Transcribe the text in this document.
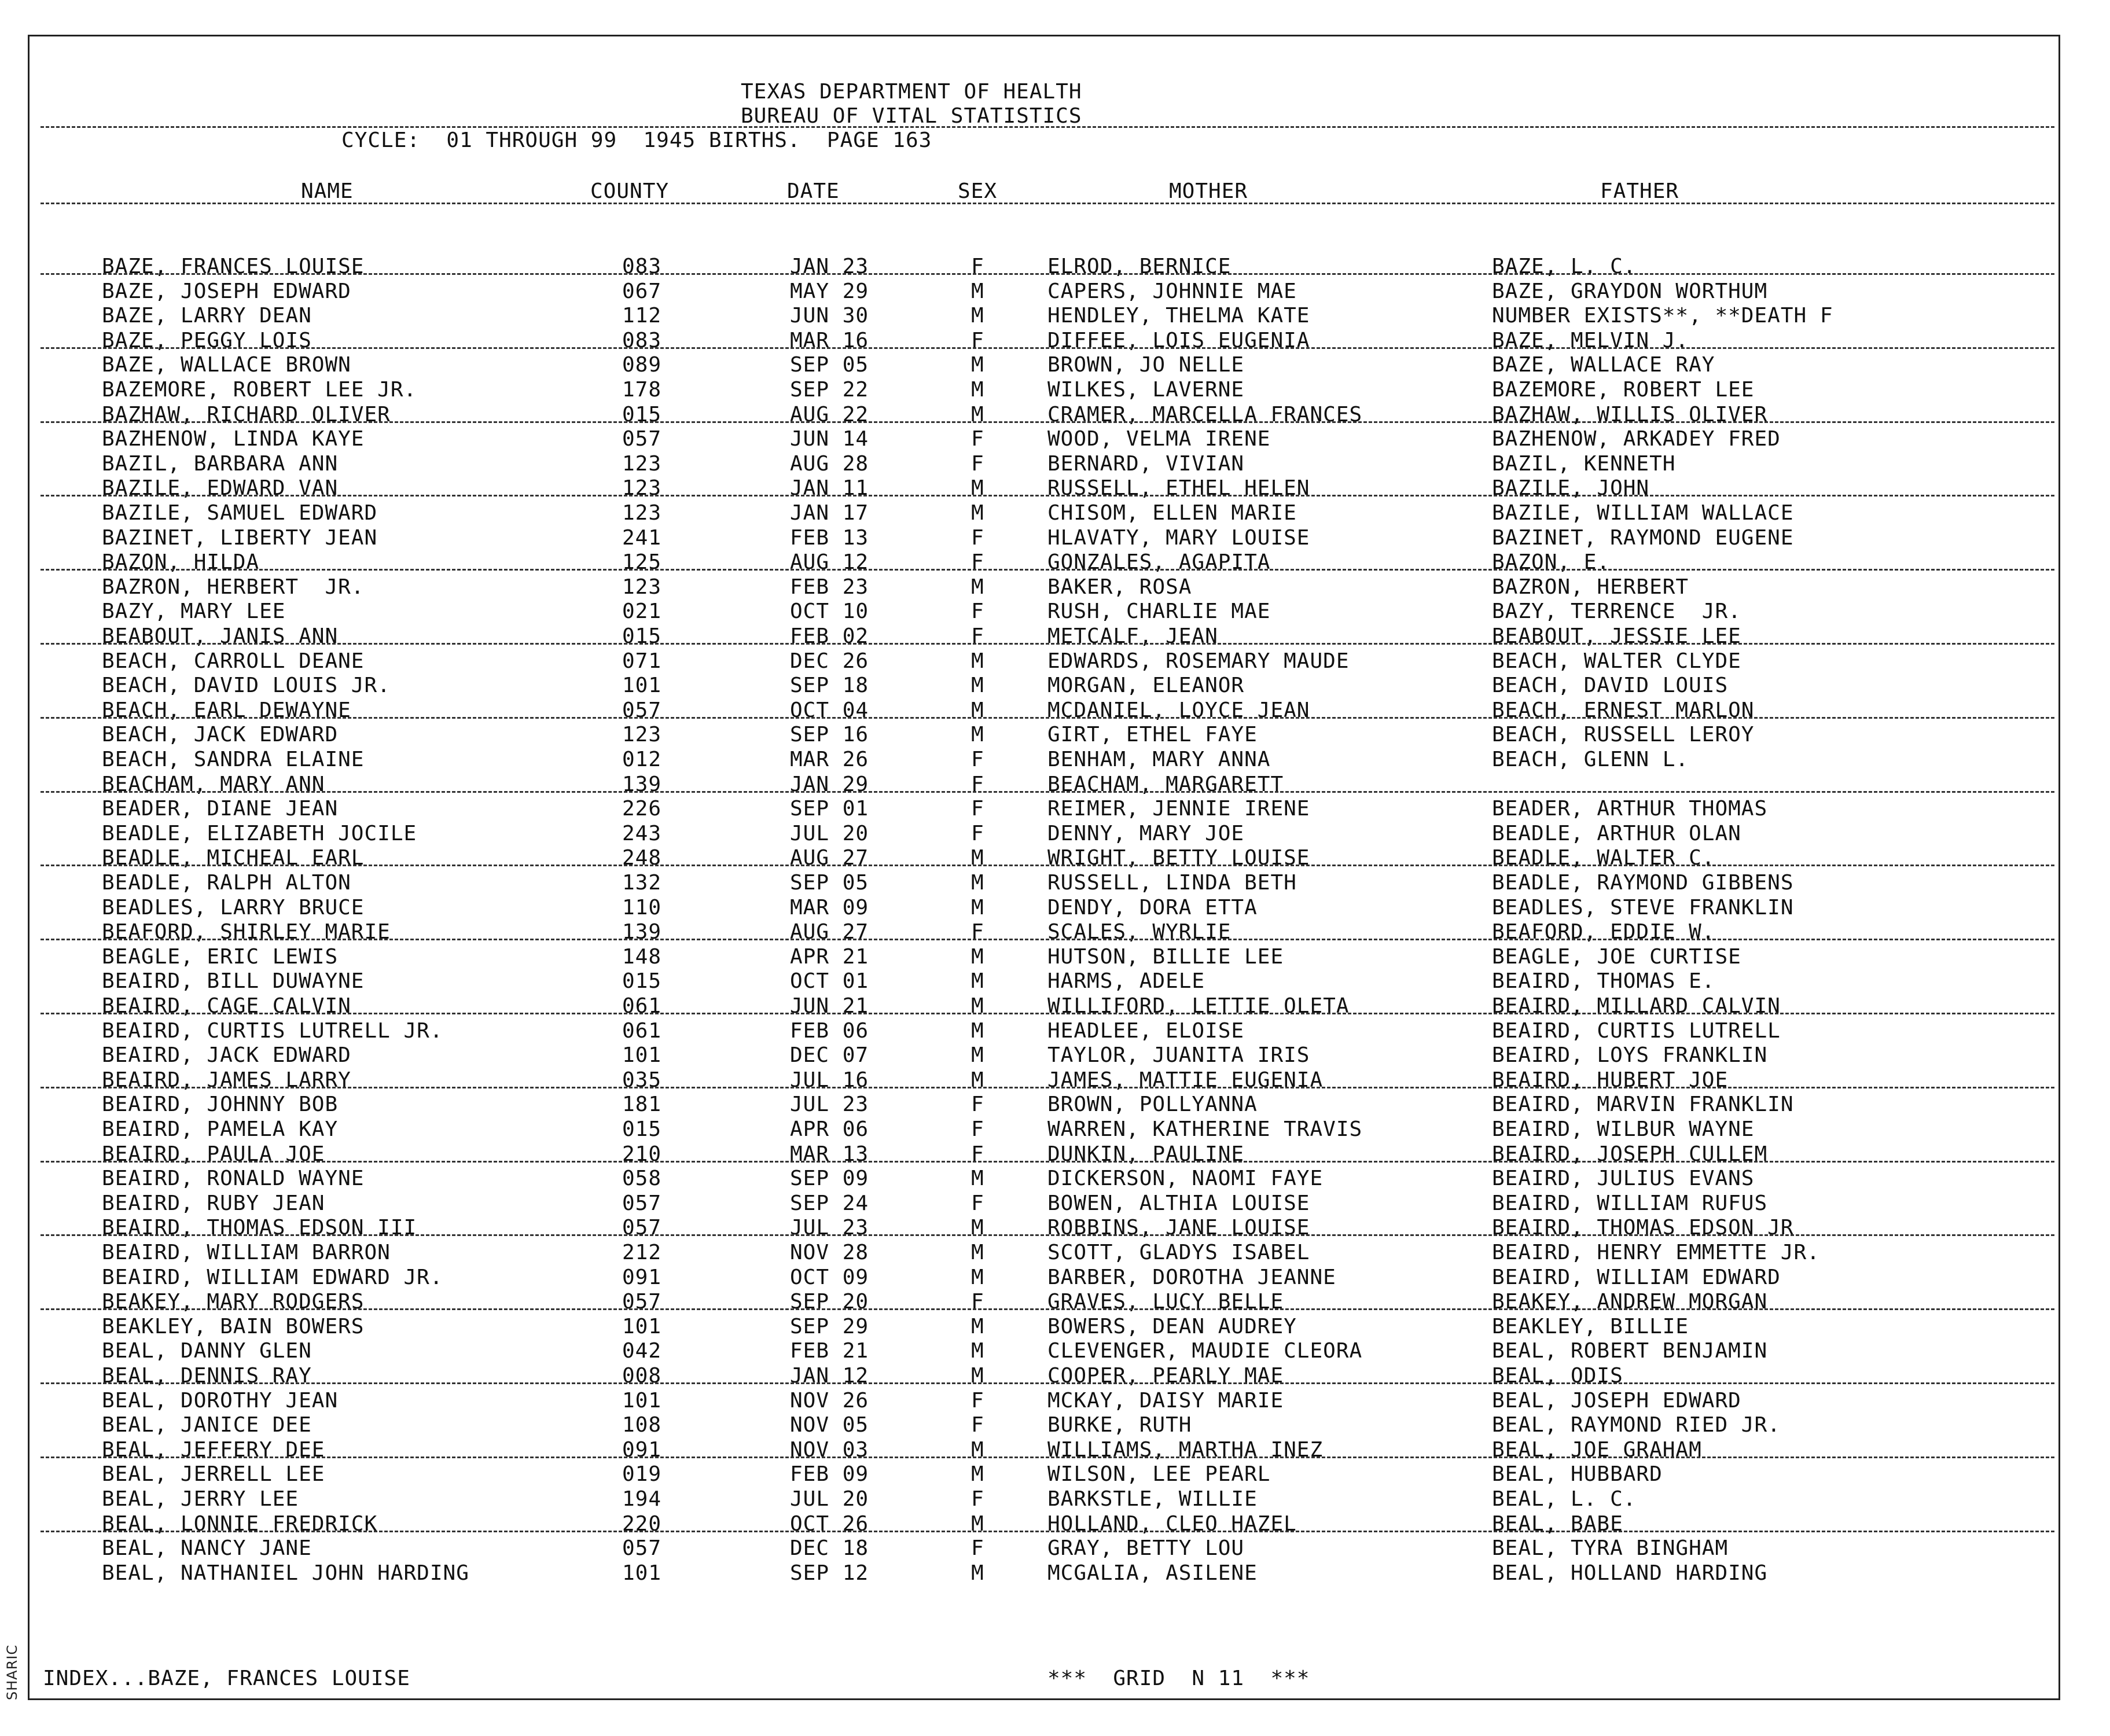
SHARIC
TEXAS DEPARTMENT OF HEALTH
BUREAU OF VITAL STATISTICS
CYCLE:  01 THROUGH 99  1945 BIRTHS.  PAGE 163
NAME	COUNTY	DATE	SEX	MOTHER	FATHER
BAZE, FRANCES LOUISE	083	JAN 23	F	ELROD, BERNICE	BAZE, L. C.
BAZE, JOSEPH EDWARD	067	MAY 29	M	CAPERS, JOHNNIE MAE	BAZE, GRAYDON WORTHUM
BAZE, LARRY DEAN	112	JUN 30	M	HENDLEY, THELMA KATE	NUMBER EXISTS**, **DEATH F
BAZE, PEGGY LOIS	083	MAR 16	F	DIFFEE, LOIS EUGENIA	BAZE, MELVIN J.
BAZE, WALLACE BROWN	089	SEP 05	M	BROWN, JO NELLE	BAZE, WALLACE RAY
BAZEMORE, ROBERT LEE JR.	178	SEP 22	M	WILKES, LAVERNE	BAZEMORE, ROBERT LEE
BAZHAW, RICHARD OLIVER	015	AUG 22	M	CRAMER, MARCELLA FRANCES	BAZHAW, WILLIS OLIVER
BAZHENOW, LINDA KAYE	057	JUN 14	F	WOOD, VELMA IRENE	BAZHENOW, ARKADEY FRED
BAZIL, BARBARA ANN	123	AUG 28	F	BERNARD, VIVIAN	BAZIL, KENNETH
BAZILE, EDWARD VAN	123	JAN 11	M	RUSSELL, ETHEL HELEN	BAZILE, JOHN
BAZILE, SAMUEL EDWARD	123	JAN 17	M	CHISOM, ELLEN MARIE	BAZILE, WILLIAM WALLACE
BAZINET, LIBERTY JEAN	241	FEB 13	F	HLAVATY, MARY LOUISE	BAZINET, RAYMOND EUGENE
BAZON, HILDA	125	AUG 12	F	GONZALES, AGAPITA	BAZON, E.
BAZRON, HERBERT  JR.	123	FEB 23	M	BAKER, ROSA	BAZRON, HERBERT
BAZY, MARY LEE	021	OCT 10	F	RUSH, CHARLIE MAE	BAZY, TERRENCE  JR.
BEABOUT, JANIS ANN	015	FEB 02	F	METCALF, JEAN	BEABOUT, JESSIE LEE
BEACH, CARROLL DEANE	071	DEC 26	M	EDWARDS, ROSEMARY MAUDE	BEACH, WALTER CLYDE
BEACH, DAVID LOUIS JR.	101	SEP 18	M	MORGAN, ELEANOR	BEACH, DAVID LOUIS
BEACH, EARL DEWAYNE	057	OCT 04	M	MCDANIEL, LOYCE JEAN	BEACH, ERNEST MARLON
BEACH, JACK EDWARD	123	SEP 16	M	GIRT, ETHEL FAYE	BEACH, RUSSELL LEROY
BEACH, SANDRA ELAINE	012	MAR 26	F	BENHAM, MARY ANNA	BEACH, GLENN L.
BEACHAM, MARY ANN	139	JAN 29	F	BEACHAM, MARGARETT
BEADER, DIANE JEAN	226	SEP 01	F	REIMER, JENNIE IRENE	BEADER, ARTHUR THOMAS
BEADLE, ELIZABETH JOCILE	243	JUL 20	F	DENNY, MARY JOE	BEADLE, ARTHUR OLAN
BEADLE, MICHEAL EARL	248	AUG 27	M	WRIGHT, BETTY LOUISE	BEADLE, WALTER C.
BEADLE, RALPH ALTON	132	SEP 05	M	RUSSELL, LINDA BETH	BEADLE, RAYMOND GIBBENS
BEADLES, LARRY BRUCE	110	MAR 09	M	DENDY, DORA ETTA	BEADLES, STEVE FRANKLIN
BEAFORD, SHIRLEY MARIE	139	AUG 27	F	SCALES, WYRLIE	BEAFORD, EDDIE W.
BEAGLE, ERIC LEWIS	148	APR 21	M	HUTSON, BILLIE LEE	BEAGLE, JOE CURTISE
BEAIRD, BILL DUWAYNE	015	OCT 01	M	HARMS, ADELE	BEAIRD, THOMAS E.
BEAIRD, CAGE CALVIN	061	JUN 21	M	WILLIFORD, LETTIE OLETA	BEAIRD, MILLARD CALVIN
BEAIRD, CURTIS LUTRELL JR.	061	FEB 06	M	HEADLEE, ELOISE	BEAIRD, CURTIS LUTRELL
BEAIRD, JACK EDWARD	101	DEC 07	M	TAYLOR, JUANITA IRIS	BEAIRD, LOYS FRANKLIN
BEAIRD, JAMES LARRY	035	JUL 16	M	JAMES, MATTIE EUGENIA	BEAIRD, HUBERT JOE
BEAIRD, JOHNNY BOB	181	JUL 23	F	BROWN, POLLYANNA	BEAIRD, MARVIN FRANKLIN
BEAIRD, PAMELA KAY	015	APR 06	F	WARREN, KATHERINE TRAVIS	BEAIRD, WILBUR WAYNE
BEAIRD, PAULA JOE	210	MAR 13	F	DUNKIN, PAULINE	BEAIRD, JOSEPH CULLEM
BEAIRD, RONALD WAYNE	058	SEP 09	M	DICKERSON, NAOMI FAYE	BEAIRD, JULIUS EVANS
BEAIRD, RUBY JEAN	057	SEP 24	F	BOWEN, ALTHIA LOUISE	BEAIRD, WILLIAM RUFUS
BEAIRD, THOMAS EDSON III	057	JUL 23	M	ROBBINS, JANE LOUISE	BEAIRD, THOMAS EDSON JR
BEAIRD, WILLIAM BARRON	212	NOV 28	M	SCOTT, GLADYS ISABEL	BEAIRD, HENRY EMMETTE JR.
BEAIRD, WILLIAM EDWARD JR.	091	OCT 09	M	BARBER, DOROTHA JEANNE	BEAIRD, WILLIAM EDWARD
BEAKEY, MARY RODGERS	057	SEP 20	F	GRAVES, LUCY BELLE	BEAKEY, ANDREW MORGAN
BEAKLEY, BAIN BOWERS	101	SEP 29	M	BOWERS, DEAN AUDREY	BEAKLEY, BILLIE
BEAL, DANNY GLEN	042	FEB 21	M	CLEVENGER, MAUDIE CLEORA	BEAL, ROBERT BENJAMIN
BEAL, DENNIS RAY	008	JAN 12	M	COOPER, PEARLY MAE	BEAL, ODIS
BEAL, DOROTHY JEAN	101	NOV 26	F	MCKAY, DAISY MARIE	BEAL, JOSEPH EDWARD
BEAL, JANICE DEE	108	NOV 05	F	BURKE, RUTH	BEAL, RAYMOND RIED JR.
BEAL, JEFFERY DEE	091	NOV 03	M	WILLIAMS, MARTHA INEZ	BEAL, JOE GRAHAM
BEAL, JERRELL LEE	019	FEB 09	M	WILSON, LEE PEARL	BEAL, HUBBARD
BEAL, JERRY LEE	194	JUL 20	F	BARKSTLE, WILLIE	BEAL, L. C.
BEAL, LONNIE FREDRICK	220	OCT 26	M	HOLLAND, CLEO HAZEL	BEAL, BABE
BEAL, NANCY JANE	057	DEC 18	F	GRAY, BETTY LOU	BEAL, TYRA BINGHAM
BEAL, NATHANIEL JOHN HARDING	101	SEP 12	M	MCGALIA, ASILENE	BEAL, HOLLAND HARDING
INDEX...BAZE, FRANCES LOUISE	***  GRID  N 11  ***
